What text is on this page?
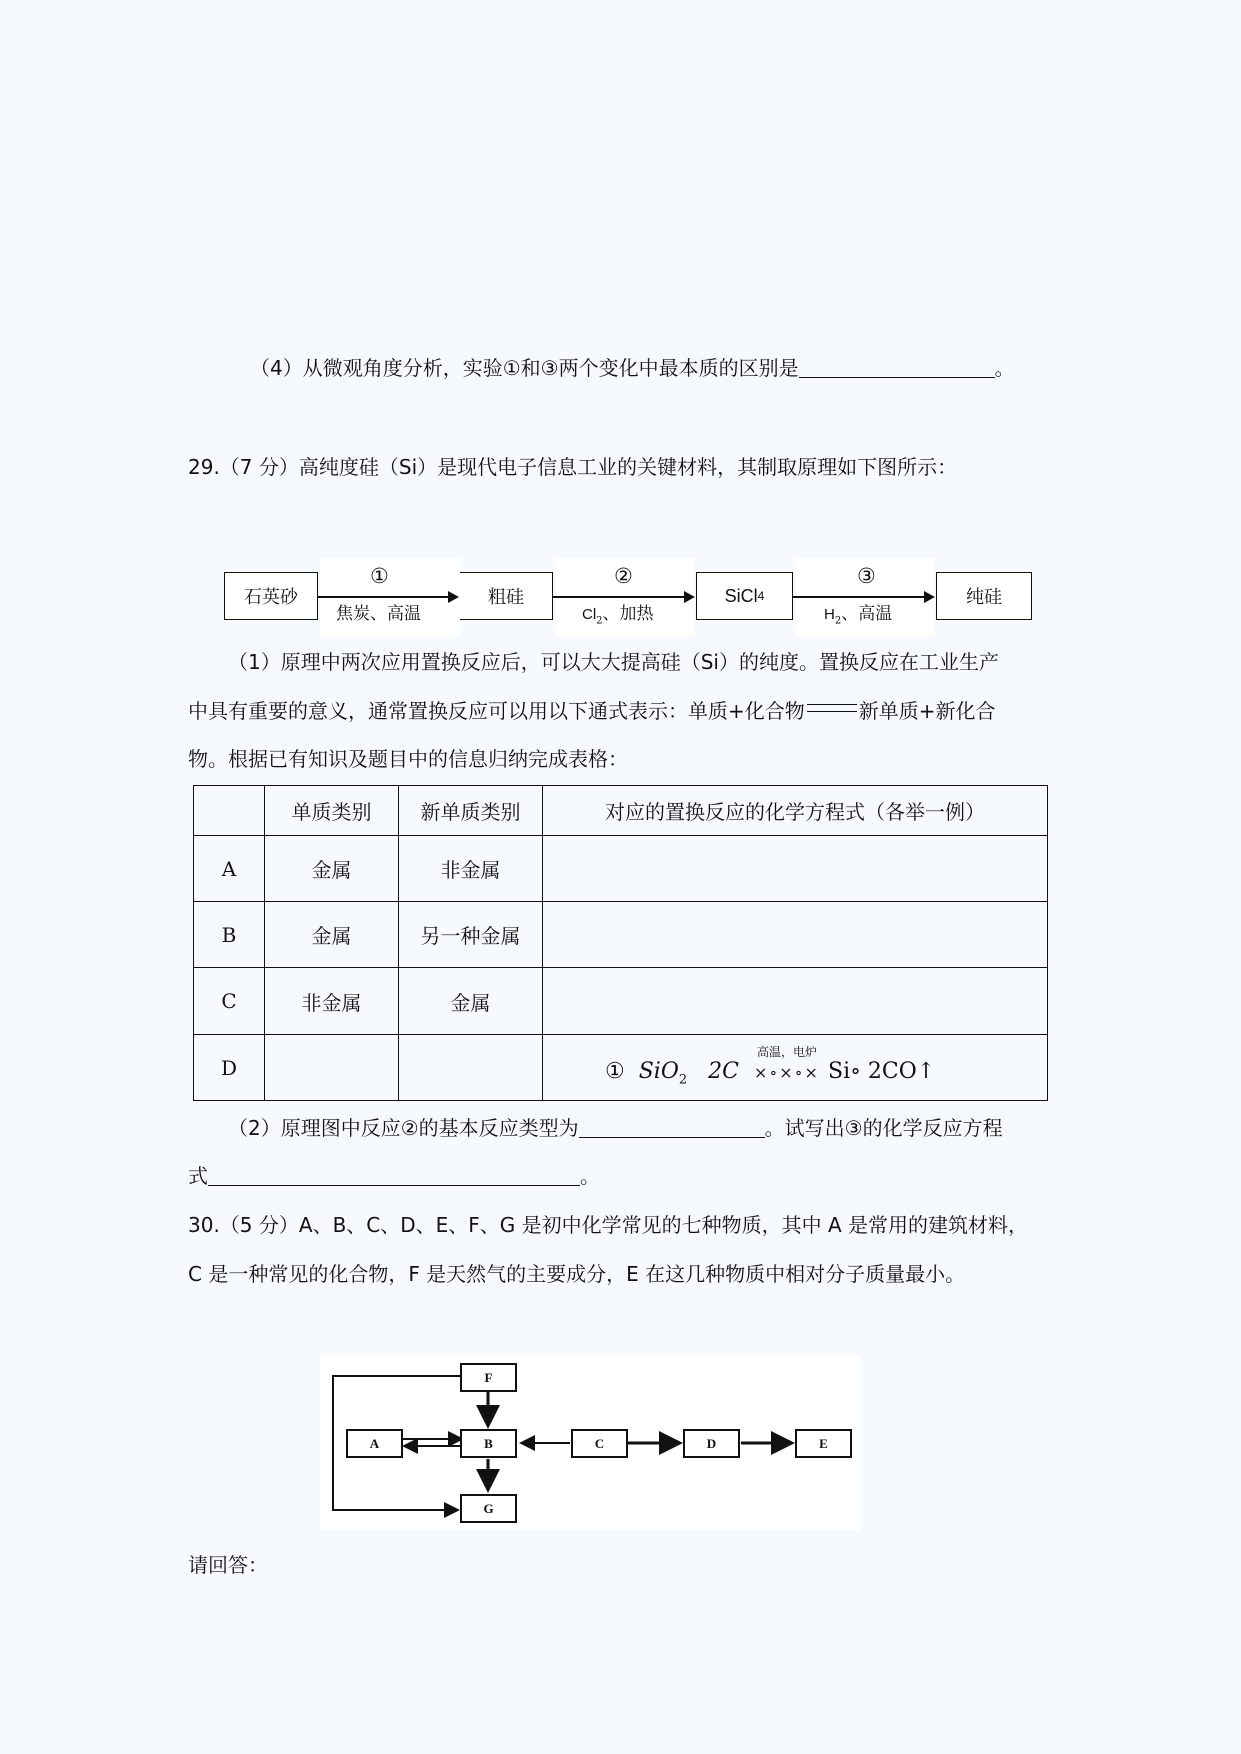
（4）从微观角度分析，实验①和③两个变化中最本质的区别是	。
29.（7 分）高纯度硅（Si）是现代电子信息工业的关键材料，其制取原理如下图所示：
石英砂	粗硅	SiCl 4	纯硅
①	②	③
焦炭、高温	$Cl_2$、加热	$H_2$、高温
（1）原理中两次应用置换反应后，可以大大提高硅（Si）的纯度。置换反应在工业生产
中具有重要的意义，通常置换反应可以用以下通式表示：单质+化合物	新单质+新化合
物。根据已有知识及题目中的信息归纳完成表格：
	单质类别	新单质类别	对应的置换反应的化学方程式（各举一例）
A	金属	非金属	
B	金属	另一种金属	
C	非金属	金属	
D			① SiO$_2$ 2C ×∘×∘× Si∘ 2CO↑
高温，电炉
（2）原理图中反应②的基本反应类型为	。试写出③的化学反应方程
式	。
30.（5 分）A、B、C、D、E、F、G 是初中化学常见的七种物质，其中 A 是常用的建筑材料，
C 是一种常见的化合物，F 是天然气的主要成分，E 在这几种物质中相对分子质量最小。
F
A	B	C	D	E
G
请回答：
